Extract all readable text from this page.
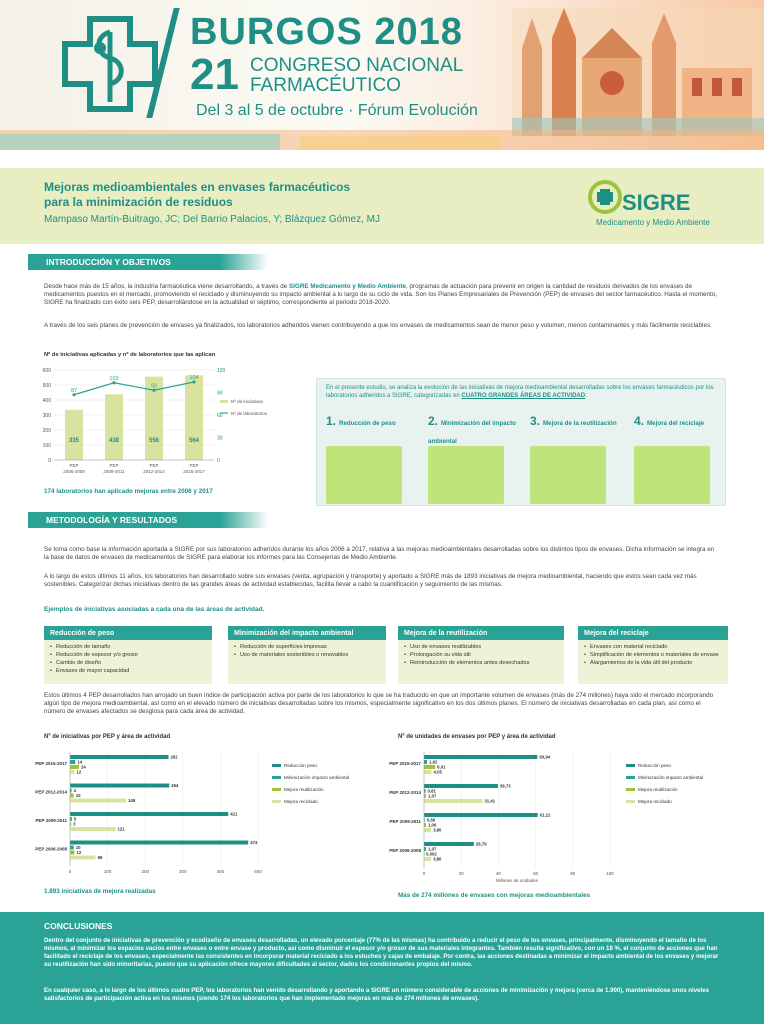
BURGOS 2018
21 CONGRESO NACIONAL
FARMACÉUTICO
Del 3 al 5 de octubre · Fórum Evolución
Mejoras medioambientales en envases farmacéuticos
para la minimización de residuos
Mampaso Martín-Buitrago, JC; Del Barrio Palacios, Y; Blázquez Gómez, MJ
SIGRE
Medicamento y Medio Ambiente
INTRODUCCIÓN Y OBJETIVOS
Desde hace más de 15 años, la industria farmacéutica viene desarrollando, a través de SIGRE Medicamento y Medio Ambiente, programas de actuación para prevenir en origen la cantidad de residuos derivados de los envases de medicamentos puestos en el mercado, promoviendo el reciclado y disminuyendo su impacto ambiental a lo largo de su ciclo de vida. Son los Planes Empresariales de Prevención (PEP) de envases del sector farmacéutico. Hasta el momento, SIGRE ha finalizado con éxito seis PEP, desarrollándose en la actualidad el séptimo, correspondiente al periodo 2018-2020.
A través de los seis planes de prevención de envases ya finalizados, los laboratorios adheridos vienen contribuyendo a que los envases de medicamentos sean de menor peso y volumen, menos contaminantes y más fácilmente reciclables.
Nº de iniciativas aplicadas y nº de laboratorios que las aplican
0
100
200
300
400
500
600
0
30
60
90
120
335
PEP
2006-2008
438
PEP
2009-2011
556
PEP
2012-2014
564
PEP
2015-2017
87
103
93
104
Nº de iniciativas
Nº de laboratorios
174 laboratorios han aplicado mejoras entre 2006 y 2017
En el presente estudio, se analiza la evolución de las iniciativas de mejora medioambiental desarrolladas sobre los envases farmacéuticos por los laboratorios adheridos a SIGRE, categorizadas en CUATRO GRANDES ÁREAS DE ACTIVIDAD:
1. Reducción de peso	2. Minimización del impacto ambiental
3. Mejora de la reutilización	4. Mejora del reciclaje
METODOLOGÍA Y RESULTADOS
Se toma como base la información aportada a SIGRE por sus laboratorios adheridos durante los años 2006 a 2017, relativa a las mejoras medioambientales desarrolladas sobre los distintos tipos de envases. Dicha información se integra en la base de datos de envases de medicamentos de SIGRE para elaborar los informes para las Consejerías de Medio Ambiente.
A lo largo de estos últimos 11 años, los laboratorios han desarrollado sobre sus envases (venta, agrupación y transporte) y aportado a SIGRE más de 1893 iniciativas de mejora medioambiental, haciendo que estos sean cada vez más sostenibles. Categorizar dichas iniciativas dentro de las grandes áreas de actividad establecidas, facilita llevar a cabo la cuantificación y seguimiento de las mismas.
Ejemplos de iniciativas asociadas a cada una de las áreas de actividad.
Reducción de peso
• Reducción de tamaño
• Reducción de espesor y/o grosor
• Cambio de diseño
• Envases de mayor capacidad
Minimización del impacto ambiental
• Reducción de superficies impresas
• Uso de materiales sostenibles o renovables
Mejora de la reutilización
• Uso de envases reutilizables
• Prolongación su vida útil
• Reintroducción de elementos antes desechados
Mejora del reciclaje
• Envases con material reciclado
• Simplificación de elementos o materiales de envase
• Alargamientos de la vida útil del producto
Estos últimos 4 PEP desarrollados han arrojado un buen índice de participación activa por parte de los laboratorios lo que se ha traducido en que un importante volumen de envases (más de 274 millones) haya sido el mercado incorporando algún tipo de mejora medioambiental, así como en el elevado número de iniciativas desarrolladas sobre los mismos, especialmente significativo en los dos últimos planes. El número de iniciativas desarrolladas en cada plan, así como el número de envases afectados se desglosa para cada área de actividad.
Nº de iniciativas por PEP y área de actividad
0	100	200	300	400	500
PEP 2015-2017
262
14
24
12
PEP 2012-2014
264
4
10
149
PEP 2009-2011
421
5
3
121
PEP 2006-2008
474
10
12
68
Reducción peso
Minimización impacto ambiental
Mejora reutilización
Mejora reciclado
1.893 iniciativas de mejora realizadas
Nº de unidades de envases por PEP y área de actividad
0	20	40	60	80	100
Millones de unidades
PEP 2015-2017
60,94
1,62
6,01
4,05
PEP 2012-2014
39,73
0,81
1,07
31,41
PEP 2009-2011
61,12
0,38
1,06
3,80
PEP 2006-2008
26,79
1,07
0,002
3,80
Reducción peso
Minimización impacto ambiental
Mejora reutilización
Mejora reciclado
Más de 274 millones de envases con mejoras medioambientales
CONCLUSIONES
Dentro del conjunto de iniciativas de prevención y ecodiseño de envases desarrolladas, un elevado porcentaje (77% de las mismas) ha contribuido a reducir el peso de los envases, principalmente, disminuyendo el tamaño de los mismos, al minimizar los espacios vacíos entre envases o entre envase y producto, así como disminuir el espesor y/o grosor de sus materiales integrantes. También resulta significativo, con un 18 %, el conjunto de acciones que han facilitado el reciclaje de los envases, especialmente las consistentes en incorporar material reciclado a los estuches y cajas de embalaje. Por contra, las acciones destinadas a minimizar el impacto ambiental de los envases y mejorar su reutilización han sido minoritarias, puesto que su aplicación ofrece mayores dificultades al sector, dados los condicionantes propios del mismo.
En cualquier caso, a lo largo de los últimos cuatro PEP, los laboratorios han venido desarrollando y aportando a SIGRE un número considerable de acciones de minimización y mejora (cerca de 1.900), manteniéndose unos niveles satisfactorios de participación activa en los mismos (siendo 174 los laboratorios que han implementado mejoras en más de 274 millones de envases).
